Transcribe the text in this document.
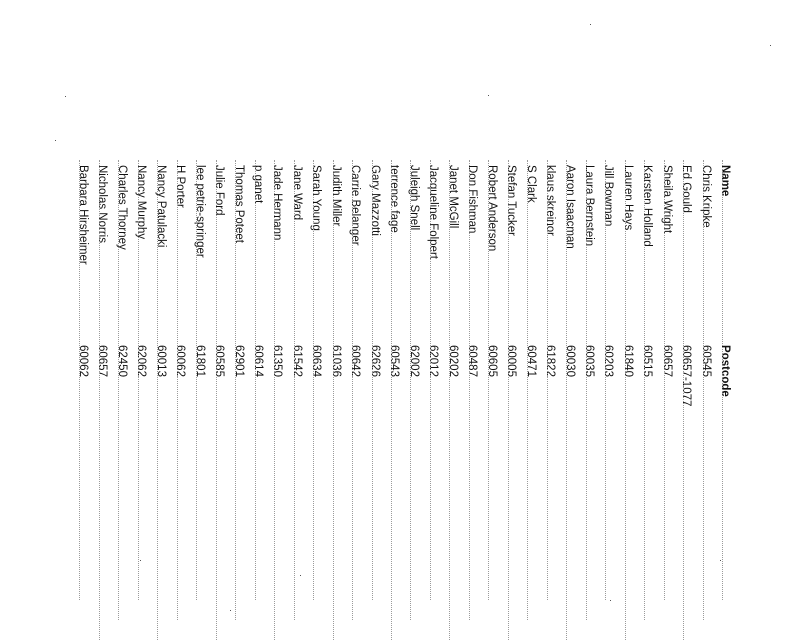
Name
Postcode
Chris Kripke
60545
Ed Gould
60657-1077
Sheila Wright
60657
Karsten Holland
60515
Lauren Hays
61840
Jill Bowman
60203
Laura Bernstein
60035
Aaron Isaacman
60030
klaus skreinor
61822
S Clark
60471
Stefan Tucker
60005
Robert Anderson
60605
Don Fishman
60487
Janet McGill
60202
Jacqueline Folpert
62012
Juleigh Snell
62002
terrence fage
60543
Gary Mazzotti
62626
Carrie Belanger
60642
Judith Miller
61036
Sarah Young
60634
Jane Ward
61542
Jade Hermann
61350
p ganet
60614
Thomas Poteet
62901
Julie Ford
60585
lee petrie-springer
61801
H Porter
60062
Nancy Patulacki
60013
Nancy Murphy
62062
Charles Thorney
62450
Nicholas Norris
60657
Barbara Hirsheimer
60062
